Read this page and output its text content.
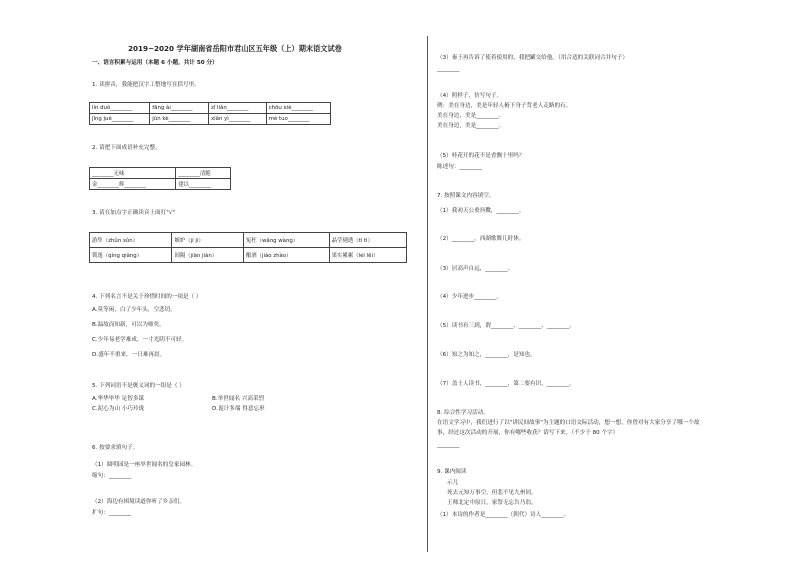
2019−2020 学年湖南省岳阳市君山区五年级（上）期末语文试卷
一、语言积累与运用（本题 6 小题，共计 50 分）
1. 读拼音，我能把汉字工整地写在括号里。
lín duò________	fāng ài________	zǐ liǎn________	chōu xiè________
jǐng jué________	jūn kè________	xiān yì________	mè tuo________
2. 请把下面成语补充完整。
________无味	________清脆
金________辉________	建以________
3. 请在加点字正确读音上面打"√"
游隼（zhǔn sǔn）	嫉妒（jí jì）	冤枉（wǎng wàng）	晶莹剔透（tī tì）
锁逸（qíng qiàng）	间隔（jiān jiàn）	酿酒（jiào zhào）	果实累累（léi lěi）
4. 下列名言不是关于珍惜时间的一项是（ ）
A.莫等闲，白了少年头，空悲切。
B.温故而知新，可以为师矣。
C.少年易老学难成，一寸光阴不可轻。
D.盛年不重来，一日难再晨。
5. 下列词语不是褒义词的一组是（ ）
A.华华毕毕 足智多谋	B.举世闻名 兴高采烈
C.泥心为山 小巧玲珑	D.诡计多端 得意忘形
6. 按要求填句子。
（1）圆明园是一座举世闻名的皇家园林。
缩句：________
（2）海边有困境读道你听了乡亲们。
扩句：________
（3）秦王再告诉了使着使用的，我把罐交给他。（用合适的关联词合并句子）
________
（4）照样子，仿写句子。
例：美在身边，美是年轻人俯下身子背老人走路的石。
美在身边，美是________。
美在身边，美是________。
（5）桂花开的花不是香飘十里吗？
陈述句：________
7. 按照课文内容填空。
（1）我劝天公重抖擞，________。
（2）________，西湖歌舞几时休。
（3）居高声自远，________。
（4）少年进步________。
（5）读书有三到，谓________、________、________。
（6）知之为知之，________，是知也。
（7）盖士人读书，________，第二要有识，________。
8. 综合性学习活动。
在语文学习中，我们进行了以"讲民间故事"为主题的口语交际活动，想一想，你曾对有大家分享了哪一个故
事，经过这次活动的开展，你有哪些收获？请写下来。（不少于 80 个字）
________
9. 课内阅读
示儿
死去元知万事空，但悲不见九州同。
王师北定中原日，家祭无忘告乃翁。
（1）本诗的作者是________（朝代）诗人________。
